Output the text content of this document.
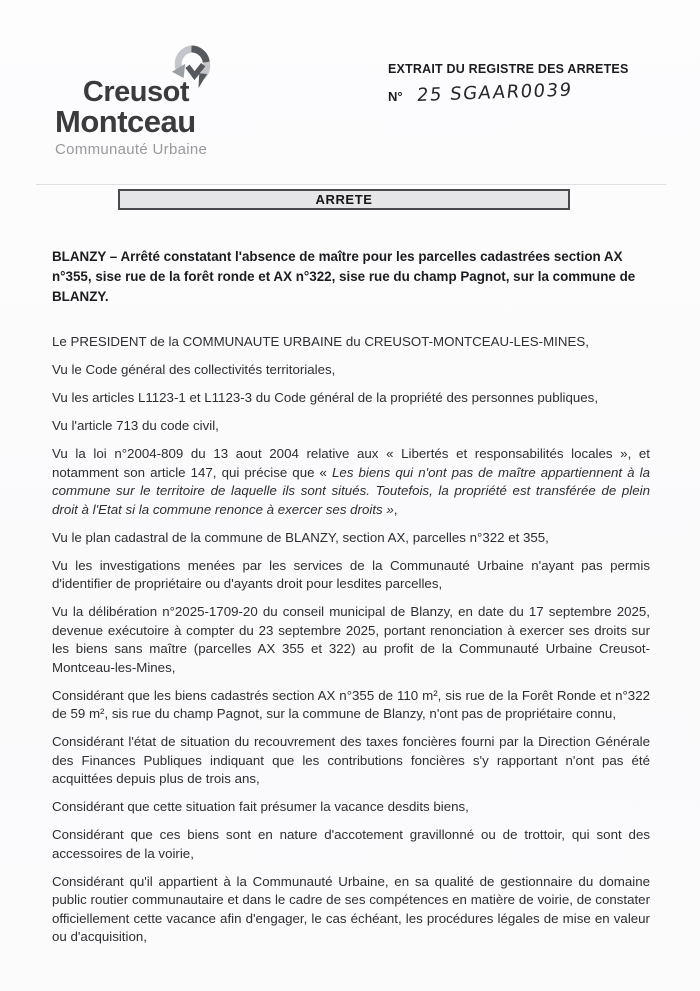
Creusot
Montceau
Communauté Urbaine
EXTRAIT DU REGISTRE DES ARRETES
N° 25 SGAAR0039
ARRETE
BLANZY – Arrêté constatant l'absence de maître pour les parcelles cadastrées section AX n°355, sise rue de la forêt ronde et AX n°322, sise rue du champ Pagnot, sur la commune de BLANZY.

Le PRESIDENT de la COMMUNAUTE URBAINE du CREUSOT-MONTCEAU-LES-MINES,

Vu le Code général des collectivités territoriales,

Vu les articles L1123-1 et L1123-3 du Code général de la propriété des personnes publiques,

Vu l'article 713 du code civil,

Vu la loi n°2004-809 du 13 aout 2004 relative aux « Libertés et responsabilités locales », et notamment son article 147, qui précise que « Les biens qui n'ont pas de maître appartiennent à la commune sur le territoire de laquelle ils sont situés. Toutefois, la propriété est transférée de plein droit à l'Etat si la commune renonce à exercer ses droits »,

Vu le plan cadastral de la commune de BLANZY, section AX, parcelles n°322 et 355,

Vu les investigations menées par les services de la Communauté Urbaine n'ayant pas permis d'identifier de propriétaire ou d'ayants droit pour lesdites parcelles,

Vu la délibération n°2025-1709-20 du conseil municipal de Blanzy, en date du 17 septembre 2025, devenue exécutoire à compter du 23 septembre 2025, portant renonciation à exercer ses droits sur les biens sans maître (parcelles AX 355 et 322) au profit de la Communauté Urbaine Creusot-Montceau-les-Mines,

Considérant que les biens cadastrés section AX n°355 de 110 m², sis rue de la Forêt Ronde et n°322 de 59 m², sis rue du champ Pagnot, sur la commune de Blanzy, n'ont pas de propriétaire connu,

Considérant l'état de situation du recouvrement des taxes foncières fourni par la Direction Générale des Finances Publiques indiquant que les contributions foncières s'y rapportant n'ont pas été acquittées depuis plus de trois ans,

Considérant que cette situation fait présumer la vacance desdits biens,

Considérant que ces biens sont en nature d'accotement gravillonné ou de trottoir, qui sont des accessoires de la voirie,

Considérant qu'il appartient à la Communauté Urbaine, en sa qualité de gestionnaire du domaine public routier communautaire et dans le cadre de ses compétences en matière de voirie, de constater officiellement cette vacance afin d'engager, le cas échéant, les procédures légales de mise en valeur ou d'acquisition,
